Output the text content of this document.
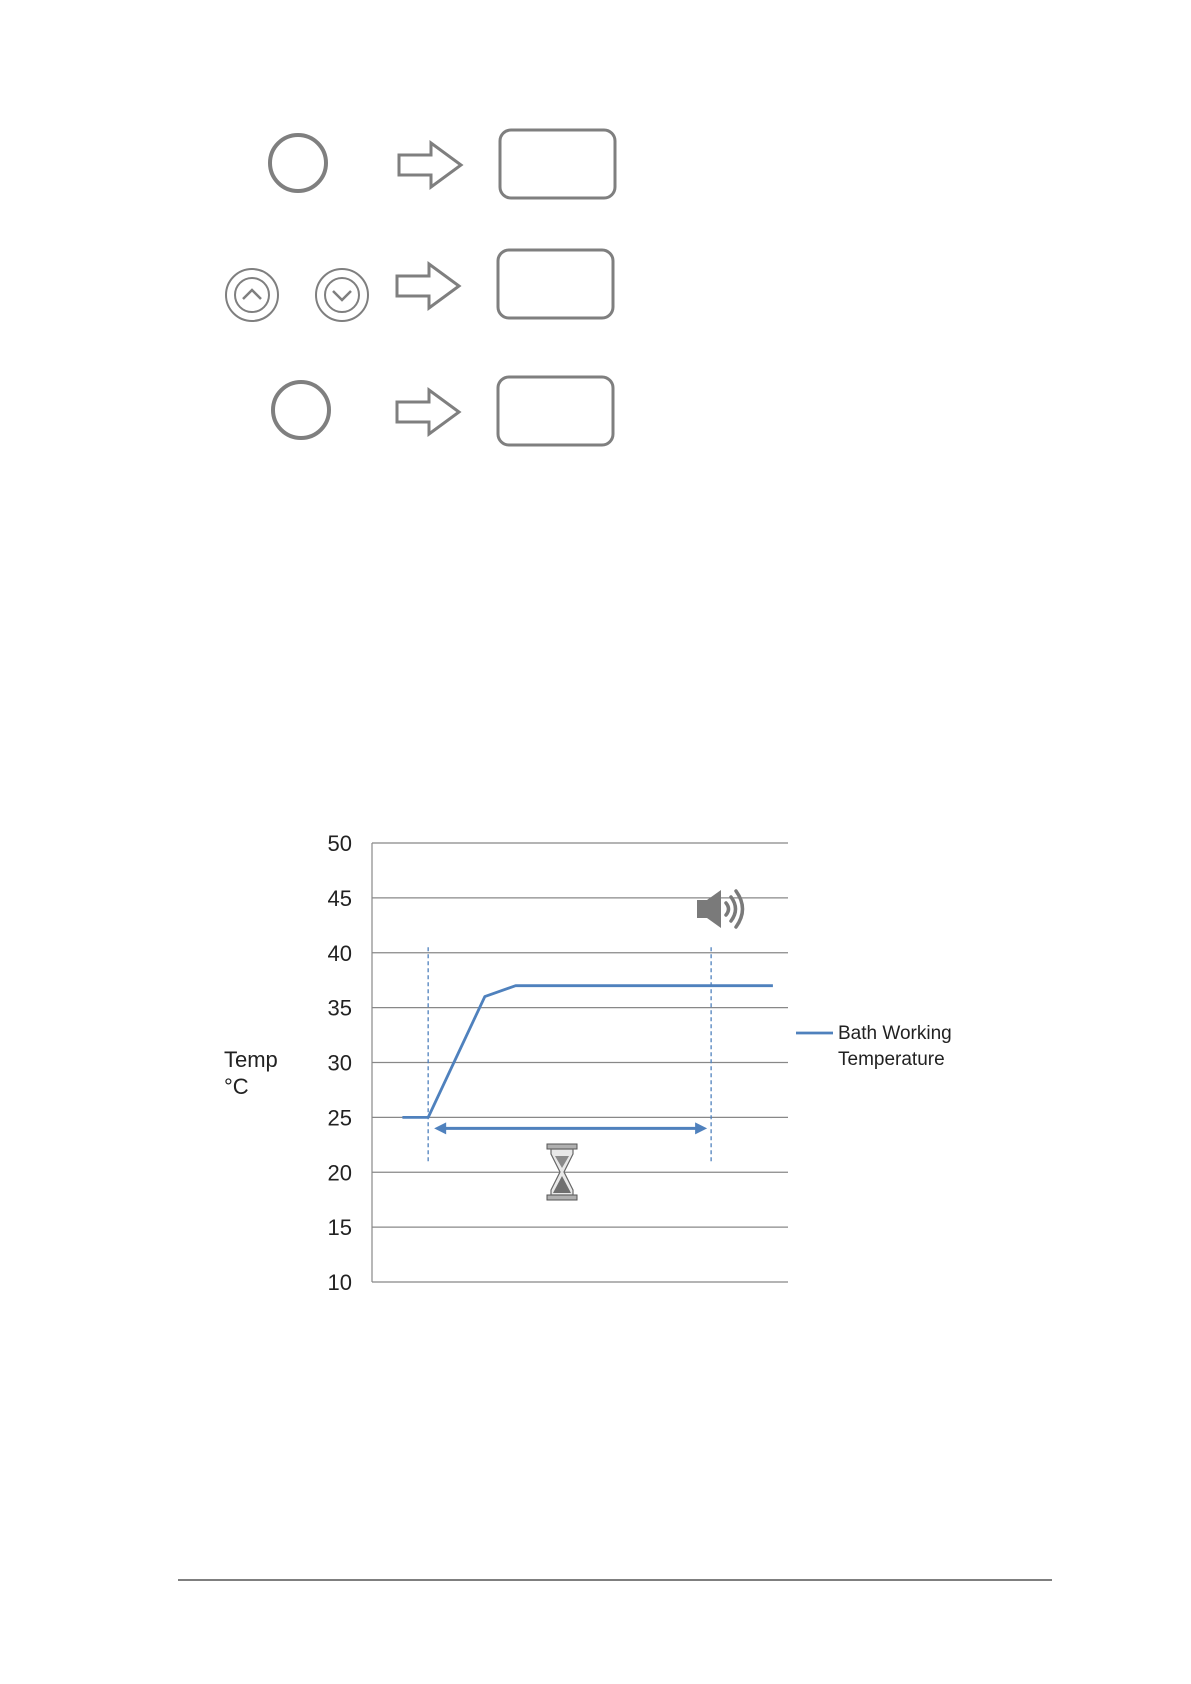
10
15
20
25
30
35
40
45
50
Temp
°C
Bath Working
Temperature
